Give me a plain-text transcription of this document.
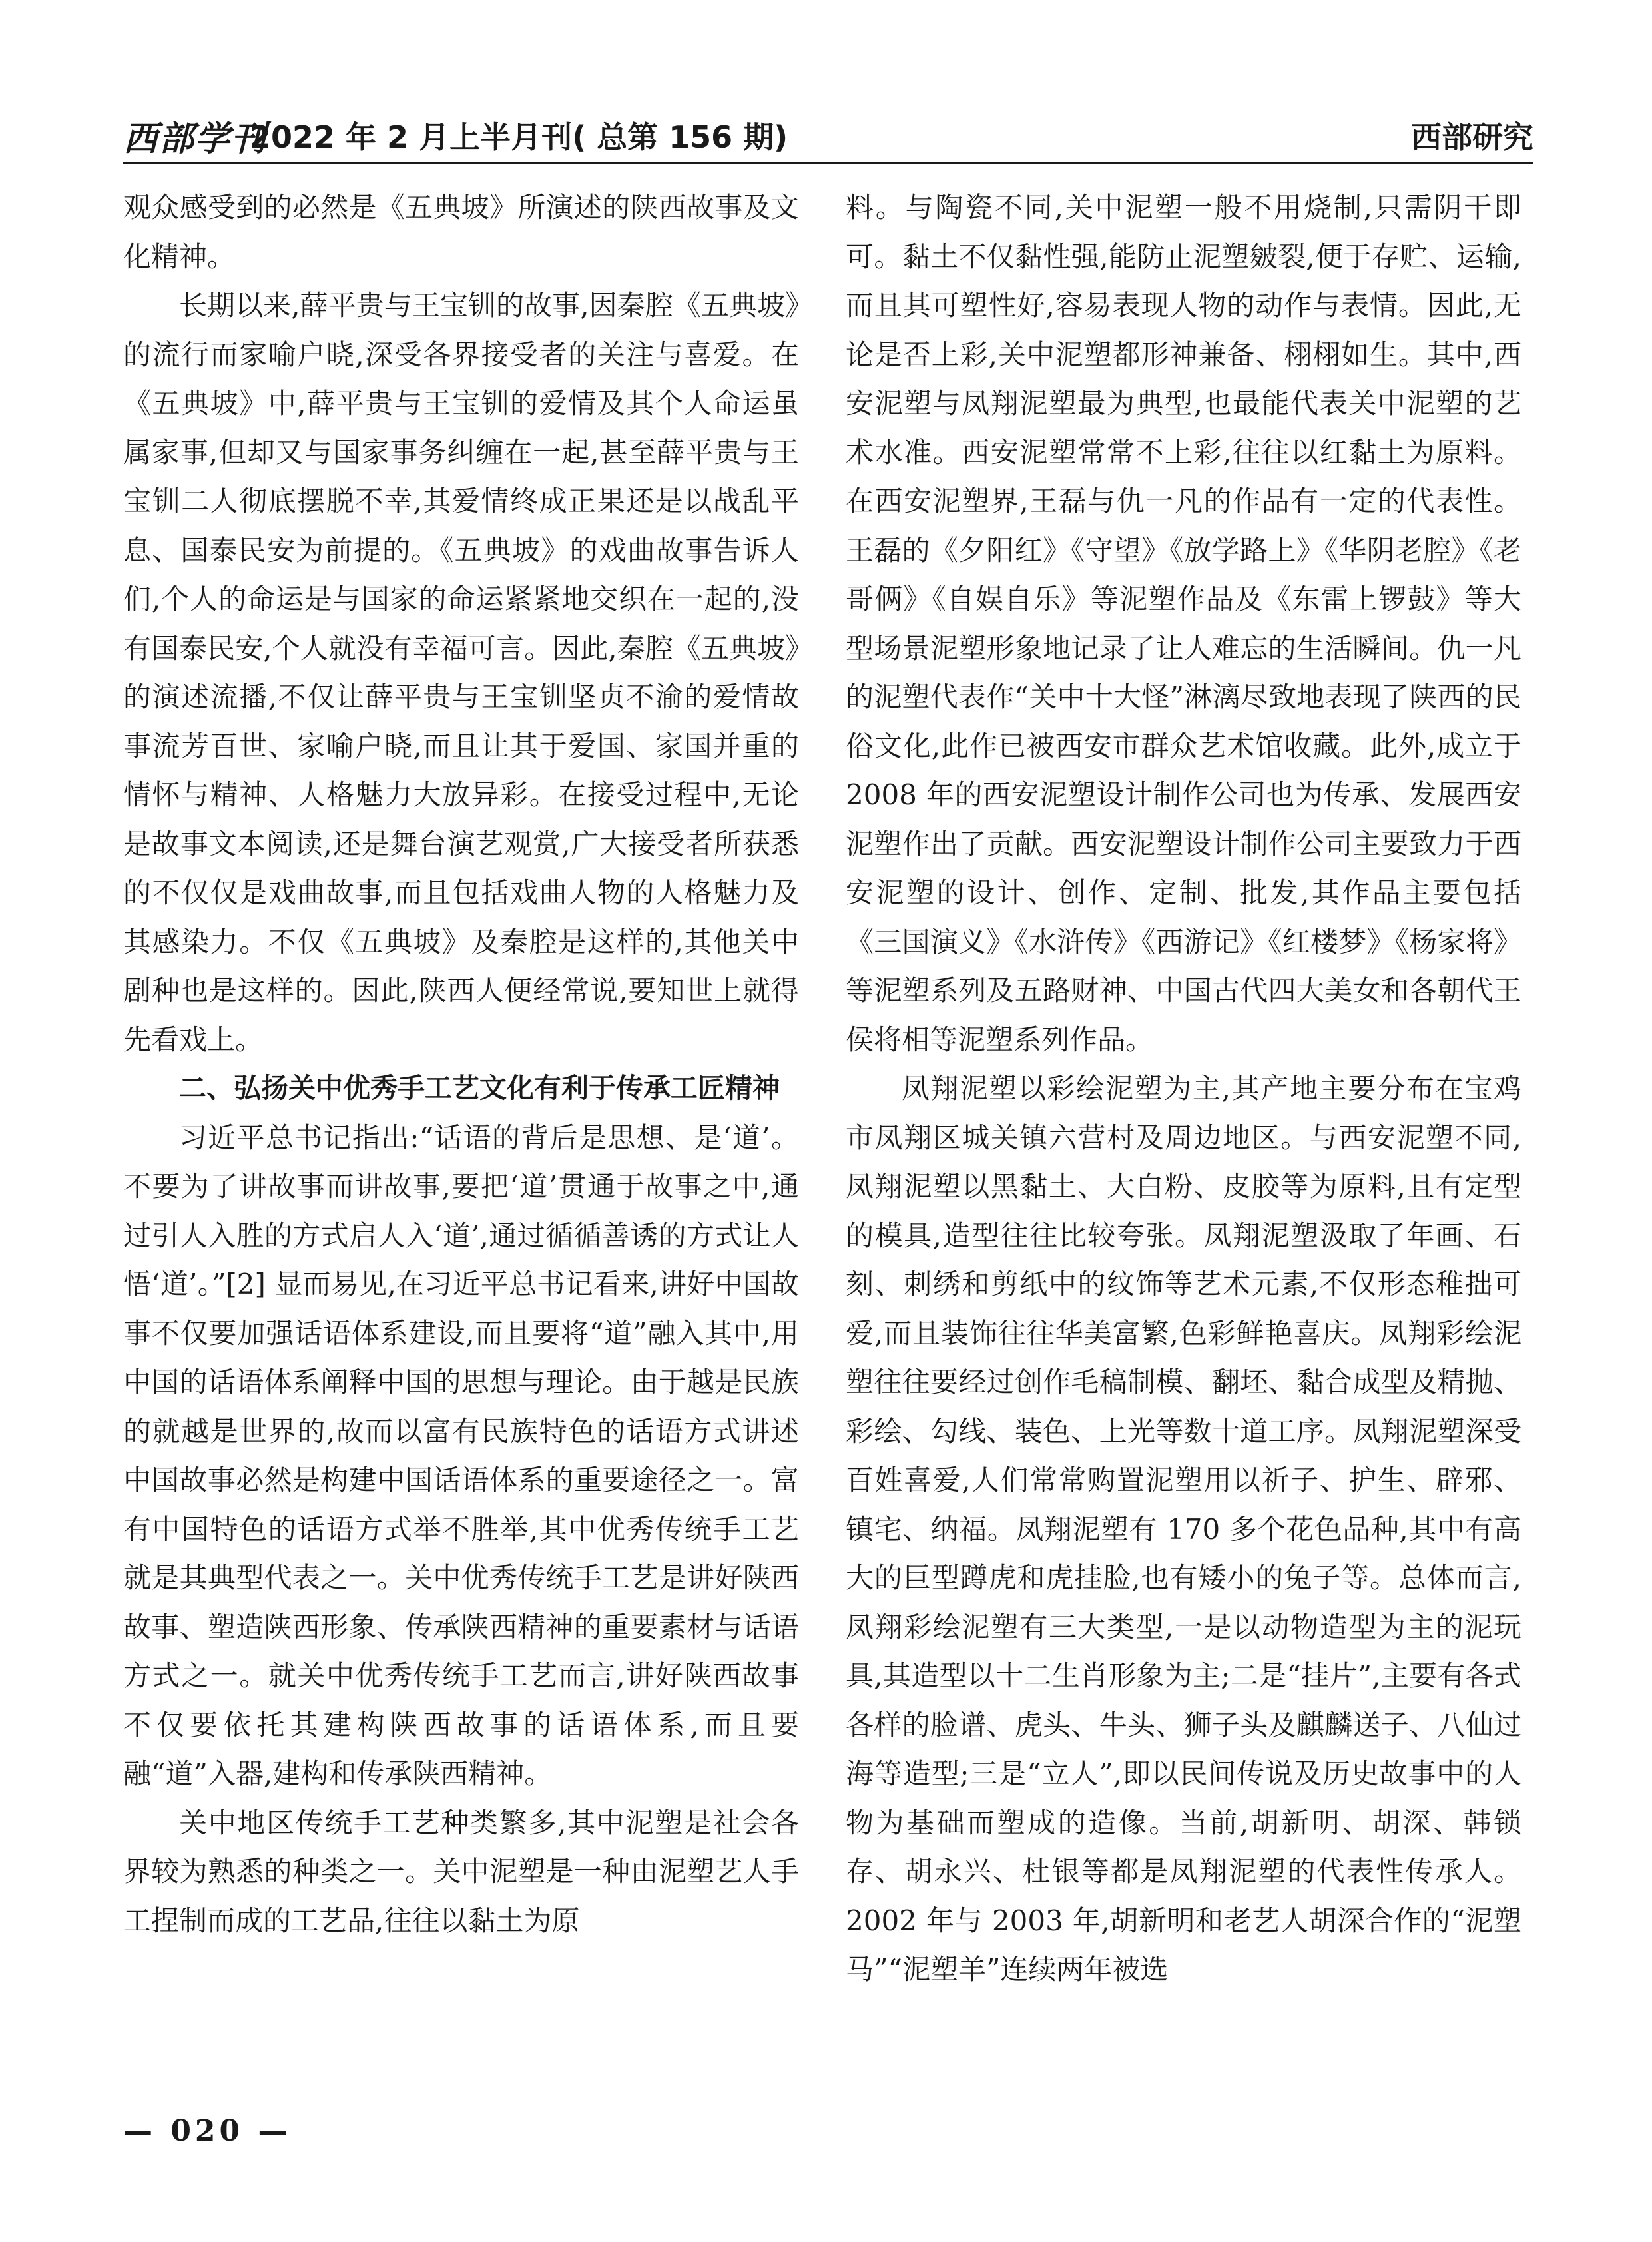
西部学刊
2022 年 2 月上半月刊( 总第 156 期)	西部研究

观众感受到的必然是《五典坡》所演述的陕西故事及文化精神。

长期以来,薛平贵与王宝钏的故事,因秦腔《五典坡》的流行而家喻户晓,深受各界接受者的关注与喜爱。在《五典坡》中,薛平贵与王宝钏的爱情及其个人命运虽属家事,但却又与国家事务纠缠在一起,甚至薛平贵与王宝钏二人彻底摆脱不幸,其爱情终成正果还是以战乱平息、国泰民安为前提的。《五典坡》的戏曲故事告诉人们,个人的命运是与国家的命运紧紧地交织在一起的,没有国泰民安,个人就没有幸福可言。因此,秦腔《五典坡》的演述流播,不仅让薛平贵与王宝钏坚贞不渝的爱情故事流芳百世、家喻户晓,而且让其于爱国、家国并重的情怀与精神、人格魅力大放异彩。在接受过程中,无论是故事文本阅读,还是舞台演艺观赏,广大接受者所获悉的不仅仅是戏曲故事,而且包括戏曲人物的人格魅力及其感染力。不仅《五典坡》及秦腔是这样的,其他关中剧种也是这样的。因此,陕西人便经常说,要知世上就得先看戏上。

二、弘扬关中优秀手工艺文化有利于传承工匠精神

习近平总书记指出:“话语的背后是思想、是‘道’。不要为了讲故事而讲故事,要把‘道’贯通于故事之中,通过引人入胜的方式启人入‘道’,通过循循善诱的方式让人悟‘道’。”[2] 显而易见,在习近平总书记看来,讲好中国故事不仅要加强话语体系建设,而且要将“道”融入其中,用中国的话语体系阐释中国的思想与理论。由于越是民族的就越是世界的,故而以富有民族特色的话语方式讲述中国故事必然是构建中国话语体系的重要途径之一。富有中国特色的话语方式举不胜举,其中优秀传统手工艺就是其典型代表之一。关中优秀传统手工艺是讲好陕西故事、塑造陕西形象、传承陕西精神的重要素材与话语方式之一。就关中优秀传统手工艺而言,讲好陕西故事不仅要依托其建构陕西故事的话语体系,而且要融“道”入器,建构和传承陕西精神。

关中地区传统手工艺种类繁多,其中泥塑是社会各界较为熟悉的种类之一。关中泥塑是一种由泥塑艺人手工捏制而成的工艺品,往往以黏土为原

料。与陶瓷不同,关中泥塑一般不用烧制,只需阴干即可。黏土不仅黏性强,能防止泥塑皴裂,便于存贮、运输,而且其可塑性好,容易表现人物的动作与表情。因此,无论是否上彩,关中泥塑都形神兼备、栩栩如生。其中,西安泥塑与凤翔泥塑最为典型,也最能代表关中泥塑的艺术水准。西安泥塑常常不上彩,往往以红黏土为原料。在西安泥塑界,王磊与仇一凡的作品有一定的代表性。王磊的《夕阳红》《守望》《放学路上》《华阴老腔》《老哥俩》《自娱自乐》等泥塑作品及《东雷上锣鼓》等大型场景泥塑形象地记录了让人难忘的生活瞬间。仇一凡的泥塑代表作“关中十大怪”淋漓尽致地表现了陕西的民俗文化,此作已被西安市群众艺术馆收藏。此外,成立于 2008 年的西安泥塑设计制作公司也为传承、发展西安泥塑作出了贡献。西安泥塑设计制作公司主要致力于西安泥塑的设计、创作、定制、批发,其作品主要包括《三国演义》《水浒传》《西游记》《红楼梦》《杨家将》等泥塑系列及五路财神、中国古代四大美女和各朝代王侯将相等泥塑系列作品。

凤翔泥塑以彩绘泥塑为主,其产地主要分布在宝鸡市凤翔区城关镇六营村及周边地区。与西安泥塑不同,凤翔泥塑以黑黏土、大白粉、皮胶等为原料,且有定型的模具,造型往往比较夸张。凤翔泥塑汲取了年画、石刻、刺绣和剪纸中的纹饰等艺术元素,不仅形态稚拙可爱,而且装饰往往华美富繁,色彩鲜艳喜庆。凤翔彩绘泥塑往往要经过创作毛稿制模、翻坯、黏合成型及精抛、彩绘、勾线、装色、上光等数十道工序。凤翔泥塑深受百姓喜爱,人们常常购置泥塑用以祈子、护生、辟邪、镇宅、纳福。凤翔泥塑有 170 多个花色品种,其中有高大的巨型蹲虎和虎挂脸,也有矮小的兔子等。总体而言,凤翔彩绘泥塑有三大类型,一是以动物造型为主的泥玩具,其造型以十二生肖形象为主;二是“挂片”,主要有各式各样的脸谱、虎头、牛头、狮子头及麒麟送子、八仙过海等造型;三是“立人”,即以民间传说及历史故事中的人物为基础而塑成的造像。当前,胡新明、胡深、韩锁存、胡永兴、杜银等都是凤翔泥塑的代表性传承人。2002 年与 2003 年,胡新明和老艺人胡深合作的“泥塑马”“泥塑羊”连续两年被选

— 020 —
